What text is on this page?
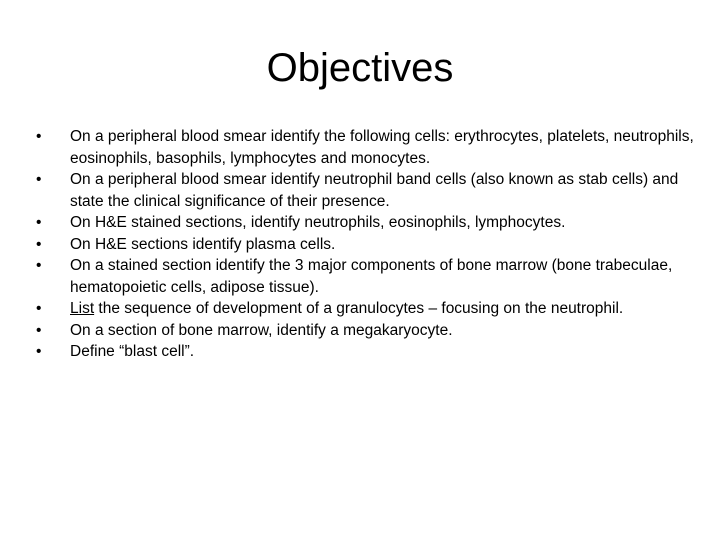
Objectives
•	On a peripheral blood smear identify the following cells: erythrocytes, platelets, neutrophils, eosinophils, basophils, lymphocytes and monocytes.
•	On a peripheral blood smear identify neutrophil band cells (also known as stab cells) and state the clinical significance of their presence.
•	On H&E stained sections, identify neutrophils, eosinophils, lymphocytes.
•	On H&E sections identify plasma cells.
•	On a stained section identify the 3 major components of bone marrow (bone trabeculae, hematopoietic cells, adipose tissue).
•	List the sequence of development of a granulocytes – focusing on the neutrophil.
•	On a section of bone marrow, identify a megakaryocyte.
•	Define “blast cell”.
